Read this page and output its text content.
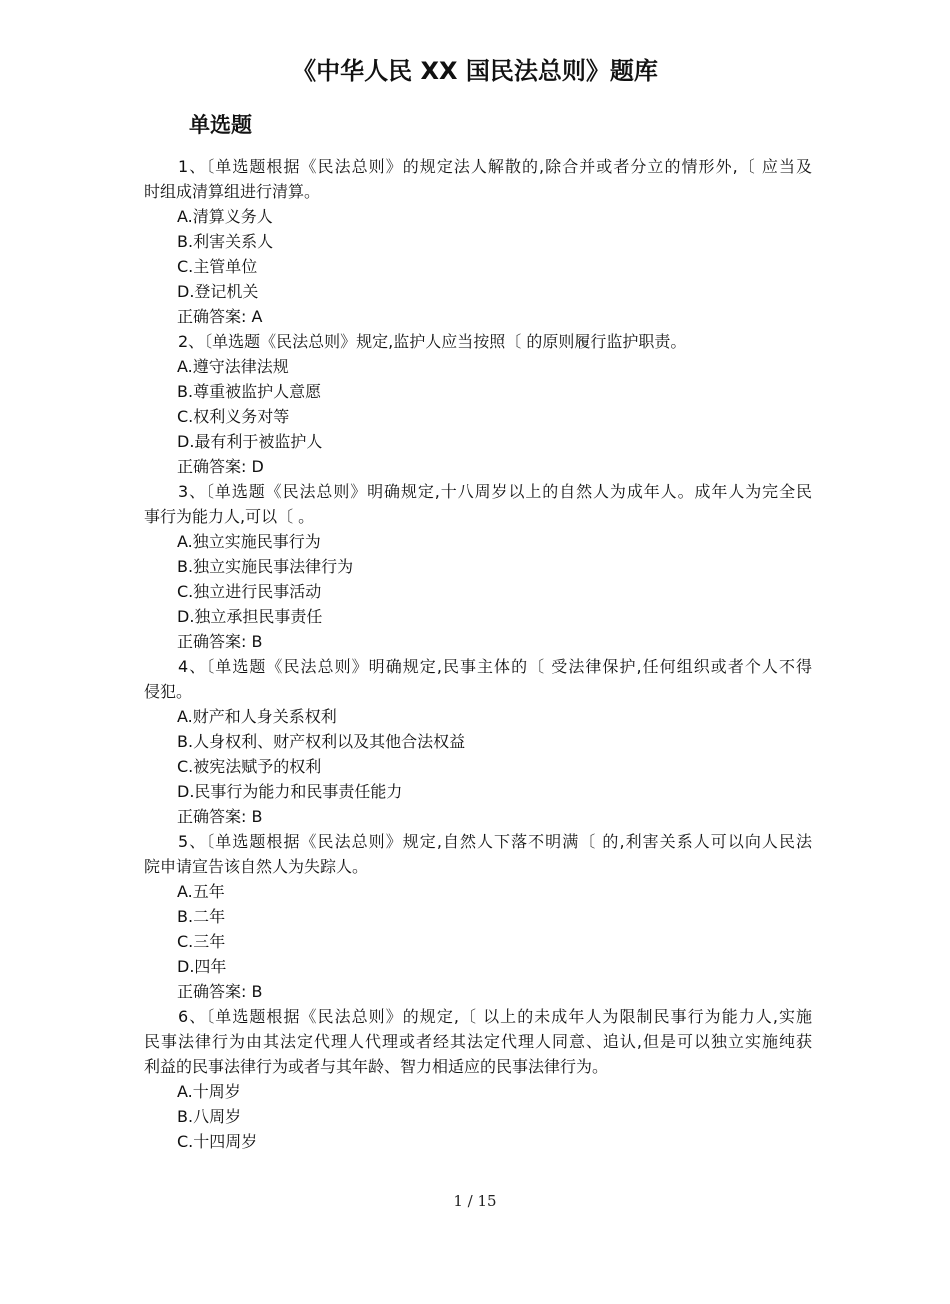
《中华人民 XX 国民法总则》题库
单选题
1、〔单选题根据《民法总则》的规定法人解散的,除合并或者分立的情形外,〔 应当及
时组成清算组进行清算。
A.清算义务人
B.利害关系人
C.主管单位
D.登记机关
正确答案: A
2、〔单选题《民法总则》规定,监护人应当按照〔 的原则履行监护职责。
A.遵守法律法规
B.尊重被监护人意愿
C.权利义务对等
D.最有利于被监护人
正确答案: D
3、〔单选题《民法总则》明确规定,十八周岁以上的自然人为成年人。成年人为完全民
事行为能力人,可以〔 。
A.独立实施民事行为
B.独立实施民事法律行为
C.独立进行民事活动
D.独立承担民事责任
正确答案: B
4、〔单选题《民法总则》明确规定,民事主体的〔 受法律保护,任何组织或者个人不得
侵犯。
A.财产和人身关系权利
B.人身权利、财产权利以及其他合法权益
C.被宪法赋予的权利
D.民事行为能力和民事责任能力
正确答案: B
5、〔单选题根据《民法总则》规定,自然人下落不明满〔 的,利害关系人可以向人民法
院申请宣告该自然人为失踪人。
A.五年
B.二年
C.三年
D.四年
正确答案: B
6、〔单选题根据《民法总则》的规定,〔 以上的未成年人为限制民事行为能力人,实施
民事法律行为由其法定代理人代理或者经其法定代理人同意、追认,但是可以独立实施纯获
利益的民事法律行为或者与其年龄、智力相适应的民事法律行为。
A.十周岁
B.八周岁
C.十四周岁
1 / 15
